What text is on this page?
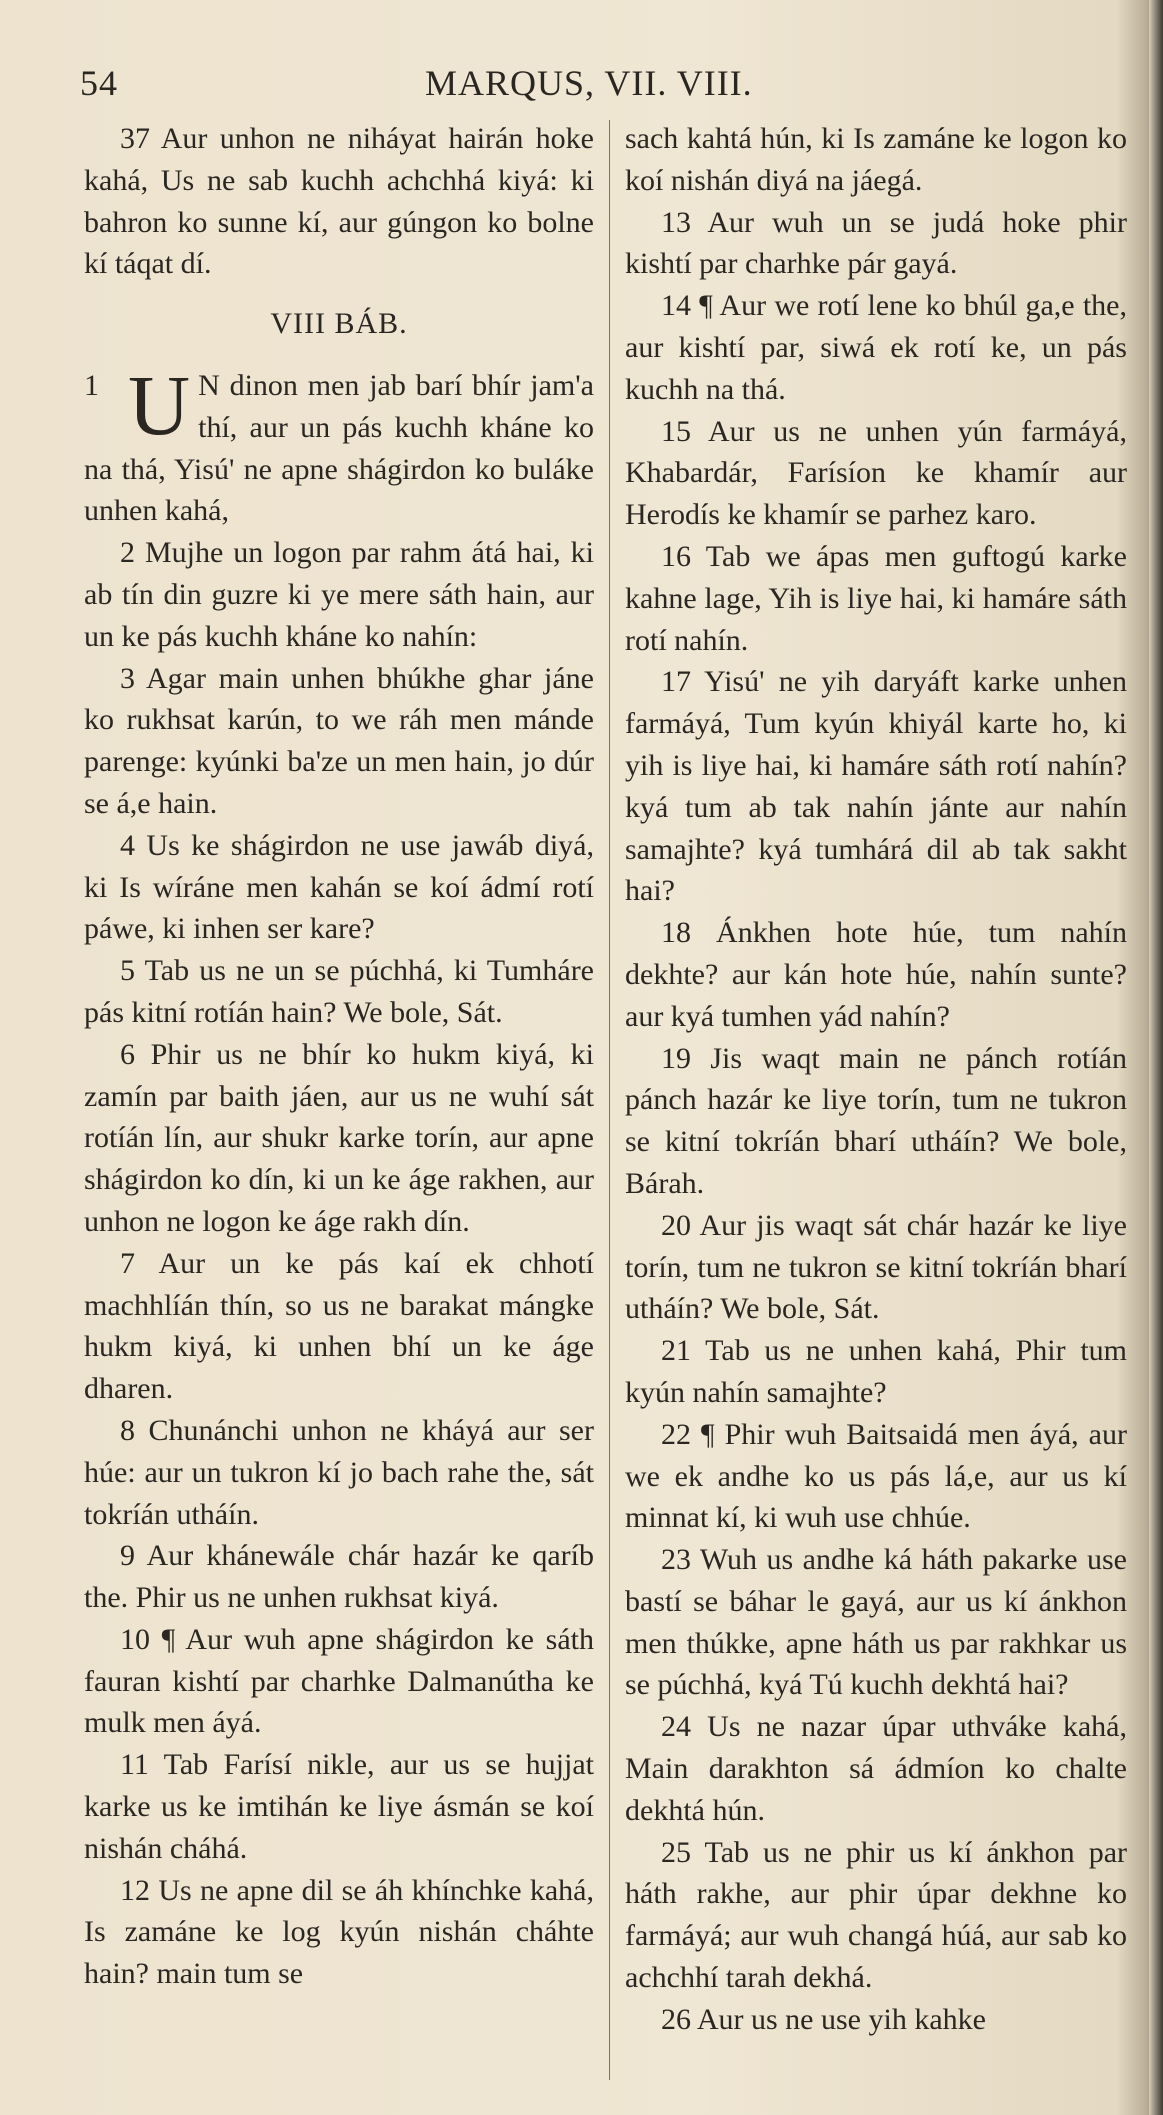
54	MARQUS, VII. VIII.

37 Aur unhon ne niháyat hairán hoke kahá, Us ne sab kuchh achchhá kiyá: ki bahron ko sunne kí, aur gúngon ko bolne kí táqat dí.

VIII BÁB.

1 U N dinon men jab barí bhír jam'a thí, aur un pás kuchh kháne ko na thá, Yisú' ne apne shágirdon ko buláke unhen kahá,

2 Mujhe un logon par rahm átá hai, ki ab tín din guzre ki ye mere sáth hain, aur un ke pás kuchh kháne ko nahín:

3 Agar main unhen bhúkhe ghar jáne ko rukhsat karún, to we ráh men mánde parenge: kyúnki ba'ze un men hain, jo dúr se á,e hain.

4 Us ke shágirdon ne use jawáb diyá, ki Is wíráne men kahán se koí ádmí rotí páwe, ki inhen ser kare?

5 Tab us ne un se púchhá, ki Tumháre pás kitní rotíán hain? We bole, Sát.

6 Phir us ne bhír ko hukm kiyá, ki zamín par baith jáen, aur us ne wuhí sát rotíán lín, aur shukr karke torín, aur apne shágirdon ko dín, ki un ke áge rakhen, aur unhon ne logon ke áge rakh dín.

7 Aur un ke pás kaí ek chhotí machhlíán thín, so us ne barakat mángke hukm kiyá, ki unhen bhí un ke áge dharen.

8 Chunánchi unhon ne kháyá aur ser húe: aur un tukron kí jo bach rahe the, sát tokríán utháín.

9 Aur khánewále chár hazár ke qaríb the. Phir us ne unhen rukhsat kiyá.

10 ¶ Aur wuh apne shágirdon ke sáth fauran kishtí par charhke Dalmanútha ke mulk men áyá.

11 Tab Farísí nikle, aur us se hujjat karke us ke imtihán ke liye ásmán se koí nishán cháhá.

12 Us ne apne dil se áh khínchke kahá, Is zamáne ke log kyún nishán cháhte hain? main tum se

sach kahtá hún, ki Is zamáne ke logon ko koí nishán diyá na jáegá.

13 Aur wuh un se judá hoke phir kishtí par charhke pár gayá.

14 ¶ Aur we rotí lene ko bhúl ga,e the, aur kishtí par, siwá ek rotí ke, un pás kuchh na thá.

15 Aur us ne unhen yún farmáyá, Khabardár, Farísíon ke khamír aur Herodís ke khamír se parhez karo.

16 Tab we ápas men guftogú karke kahne lage, Yih is liye hai, ki hamáre sáth rotí nahín.

17 Yisú' ne yih daryáft karke unhen farmáyá, Tum kyún khiyál karte ho, ki yih is liye hai, ki hamáre sáth rotí nahín? kyá tum ab tak nahín jánte aur nahín samajhte? kyá tumhárá dil ab tak sakht hai?

18 Ánkhen hote húe, tum nahín dekhte? aur kán hote húe, nahín sunte? aur kyá tumhen yád nahín?

19 Jis waqt main ne pánch rotíán pánch hazár ke liye torín, tum ne tukron se kitní tokríán bharí utháín? We bole, Bárah.

20 Aur jis waqt sát chár hazár ke liye torín, tum ne tukron se kitní tokríán bharí utháín? We bole, Sát.

21 Tab us ne unhen kahá, Phir tum kyún nahín samajhte?

22 ¶ Phir wuh Baitsaidá men áyá, aur we ek andhe ko us pás lá,e, aur us kí minnat kí, ki wuh use chhúe.

23 Wuh us andhe ká háth pakarke use bastí se báhar le gayá, aur us kí ánkhon men thúkke, apne háth us par rakhkar us se púchhá, kyá Tú kuchh dekhtá hai?

24 Us ne nazar úpar uthváke kahá, Main darakhton sá ádmíon ko chalte dekhtá hún.

25 Tab us ne phir us kí ánkhon par háth rakhe, aur phir úpar dekhne ko farmáyá; aur wuh changá húá, aur sab ko achchhí tarah dekhá.

26 Aur us ne use yih kahke
